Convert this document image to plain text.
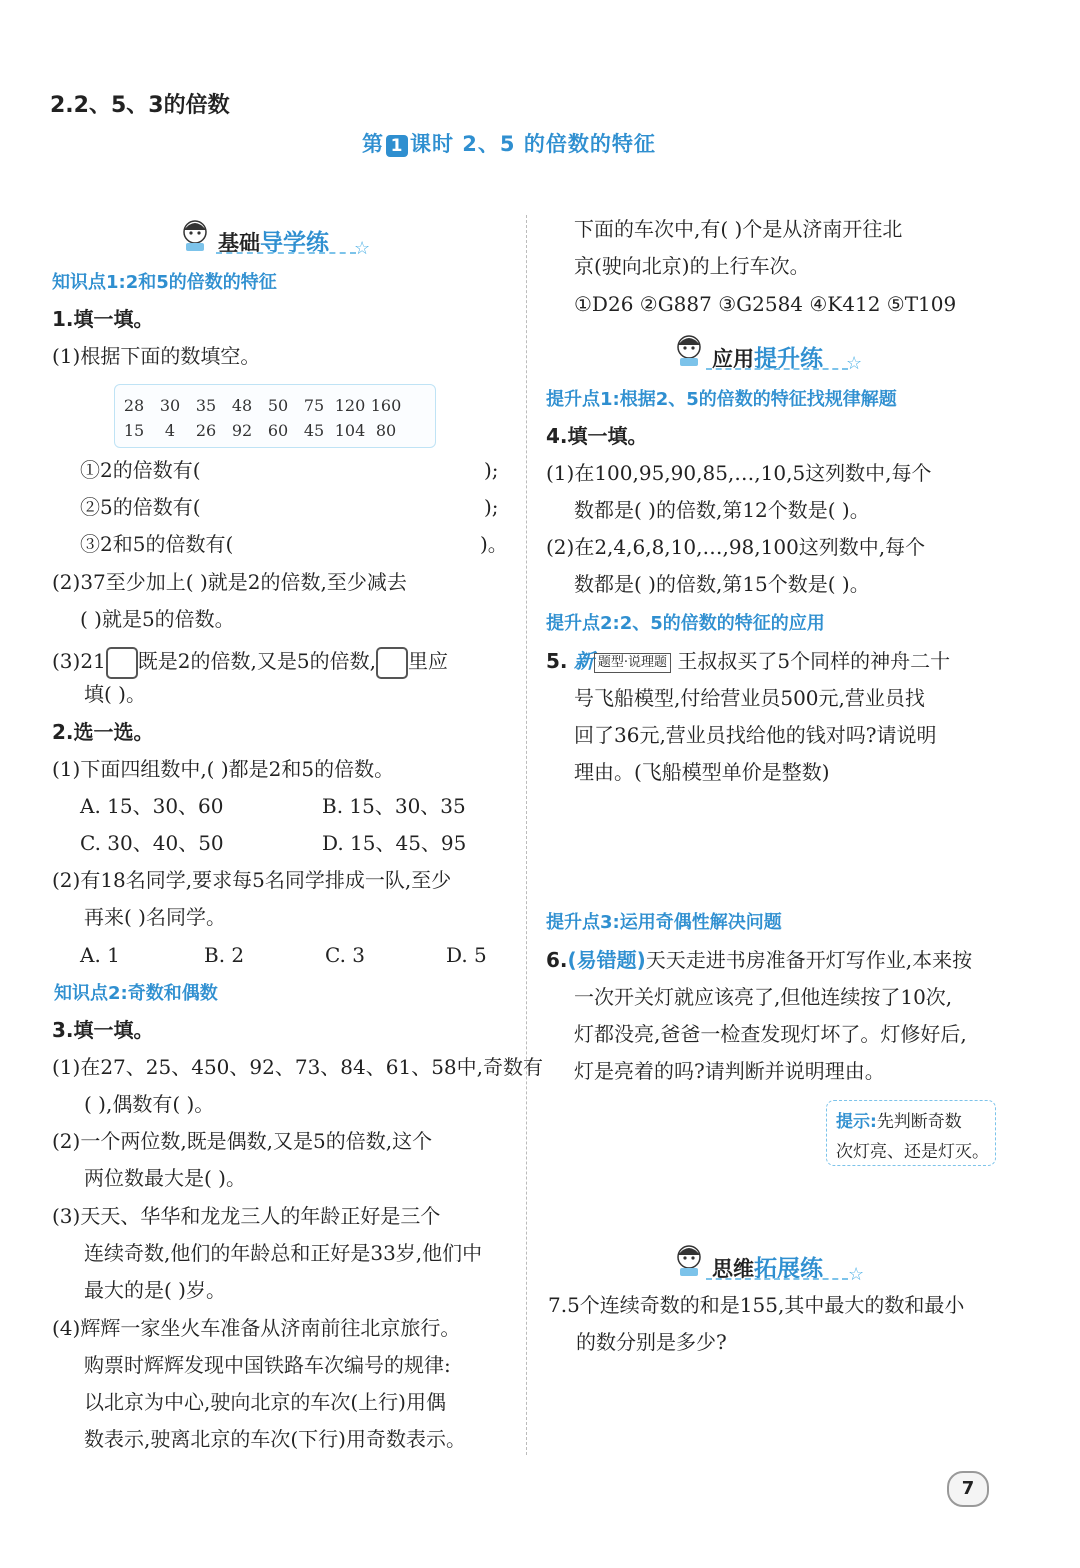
2.2、5、3的倍数
第 1 课时 2、5 的倍数的特征
基础导学练 ☆
知识点1:2和5的倍数的特征
1.填一填。
(1)根据下面的数填空。
28 30 35 48 50 75 120 160
15 4 26 92 60 45 104 80
①2的倍数有(	);
②5的倍数有(	);
③2和5的倍数有(	)。
(2)37至少加上( )就是2的倍数,至少减去
( )就是5的倍数。
(3)21 既是2的倍数,又是5的倍数, 里应
填( )。
2.选一选。
(1)下面四组数中,( )都是2和5的倍数。
A. 15、30、60	B. 15、30、35
C. 30、40、50	D. 15、45、95
(2)有18名同学,要求每5名同学排成一队,至少
再来( )名同学。
A. 1	B. 2	C. 3	D. 5
知识点2:奇数和偶数
3.填一填。
(1)在27、25、450、92、73、84、61、58中,奇数有
( ),偶数有( )。
(2)一个两位数,既是偶数,又是5的倍数,这个
两位数最大是( )。
(3)天天、华华和龙龙三人的年龄正好是三个
连续奇数,他们的年龄总和正好是33岁,他们中
最大的是( )岁。
(4)辉辉一家坐火车准备从济南前往北京旅行。
购票时辉辉发现中国铁路车次编号的规律:
以北京为中心,驶向北京的车次(上行)用偶
数表示,驶离北京的车次(下行)用奇数表示。
下面的车次中,有( )个是从济南开往北
京(驶向北京)的上行车次。
①D26 ②G887 ③G2584 ④K412 ⑤T109
应用提升练 ☆
提升点1:根据2、5的倍数的特征找规律解题
4.填一填。
(1)在100,95,90,85,…,10,5这列数中,每个
数都是( )的倍数,第12个数是( )。
(2)在2,4,6,8,10,…,98,100这列数中,每个
数都是( )的倍数,第15个数是( )。
提升点2:2、5的倍数的特征的应用
5. 新 题型·说理题 王叔叔买了5个同样的神舟二十
号飞船模型,付给营业员500元,营业员找
回了36元,营业员找给他的钱对吗?请说明
理由。(飞船模型单价是整数)
提升点3:运用奇偶性解决问题
6.(易错题)天天走进书房准备开灯写作业,本来按
一次开关灯就应该亮了,但他连续按了10次,
灯都没亮,爸爸一检查发现灯坏了。灯修好后,
灯是亮着的吗?请判断并说明理由。
提示:先判断奇数
次灯亮、还是灯灭。
思维拓展练 ☆
7.5个连续奇数的和是155,其中最大的数和最小
的数分别是多少?
7
